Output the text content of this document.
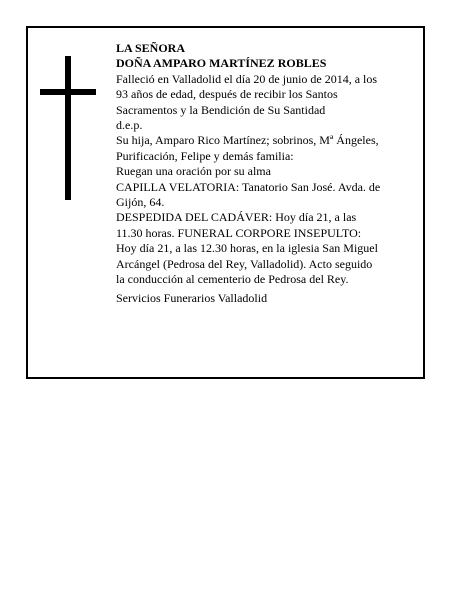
LA SEÑORA
DOÑA AMPARO MARTÍNEZ ROBLES
Falleció en Valladolid el día 20 de junio de 2014, a los
93 años de edad, después de recibir los Santos
Sacramentos y la Bendición de Su Santidad
d.e.p.
Su hija, Amparo Rico Martínez; sobrinos, Mª Ángeles,
Purificación, Felipe y demás familia:
Ruegan una oración por su alma
CAPILLA VELATORIA: Tanatorio San José. Avda. de
Gijón, 64.
DESPEDIDA DEL CADÁVER: Hoy día 21, a las
11.30 horas. FUNERAL CORPORE INSEPULTO:
Hoy día 21, a las 12.30 horas, en la iglesia San Miguel
Arcángel (Pedrosa del Rey, Valladolid). Acto seguido
la conducción al cementerio de Pedrosa del Rey.
Servicios Funerarios Valladolid
